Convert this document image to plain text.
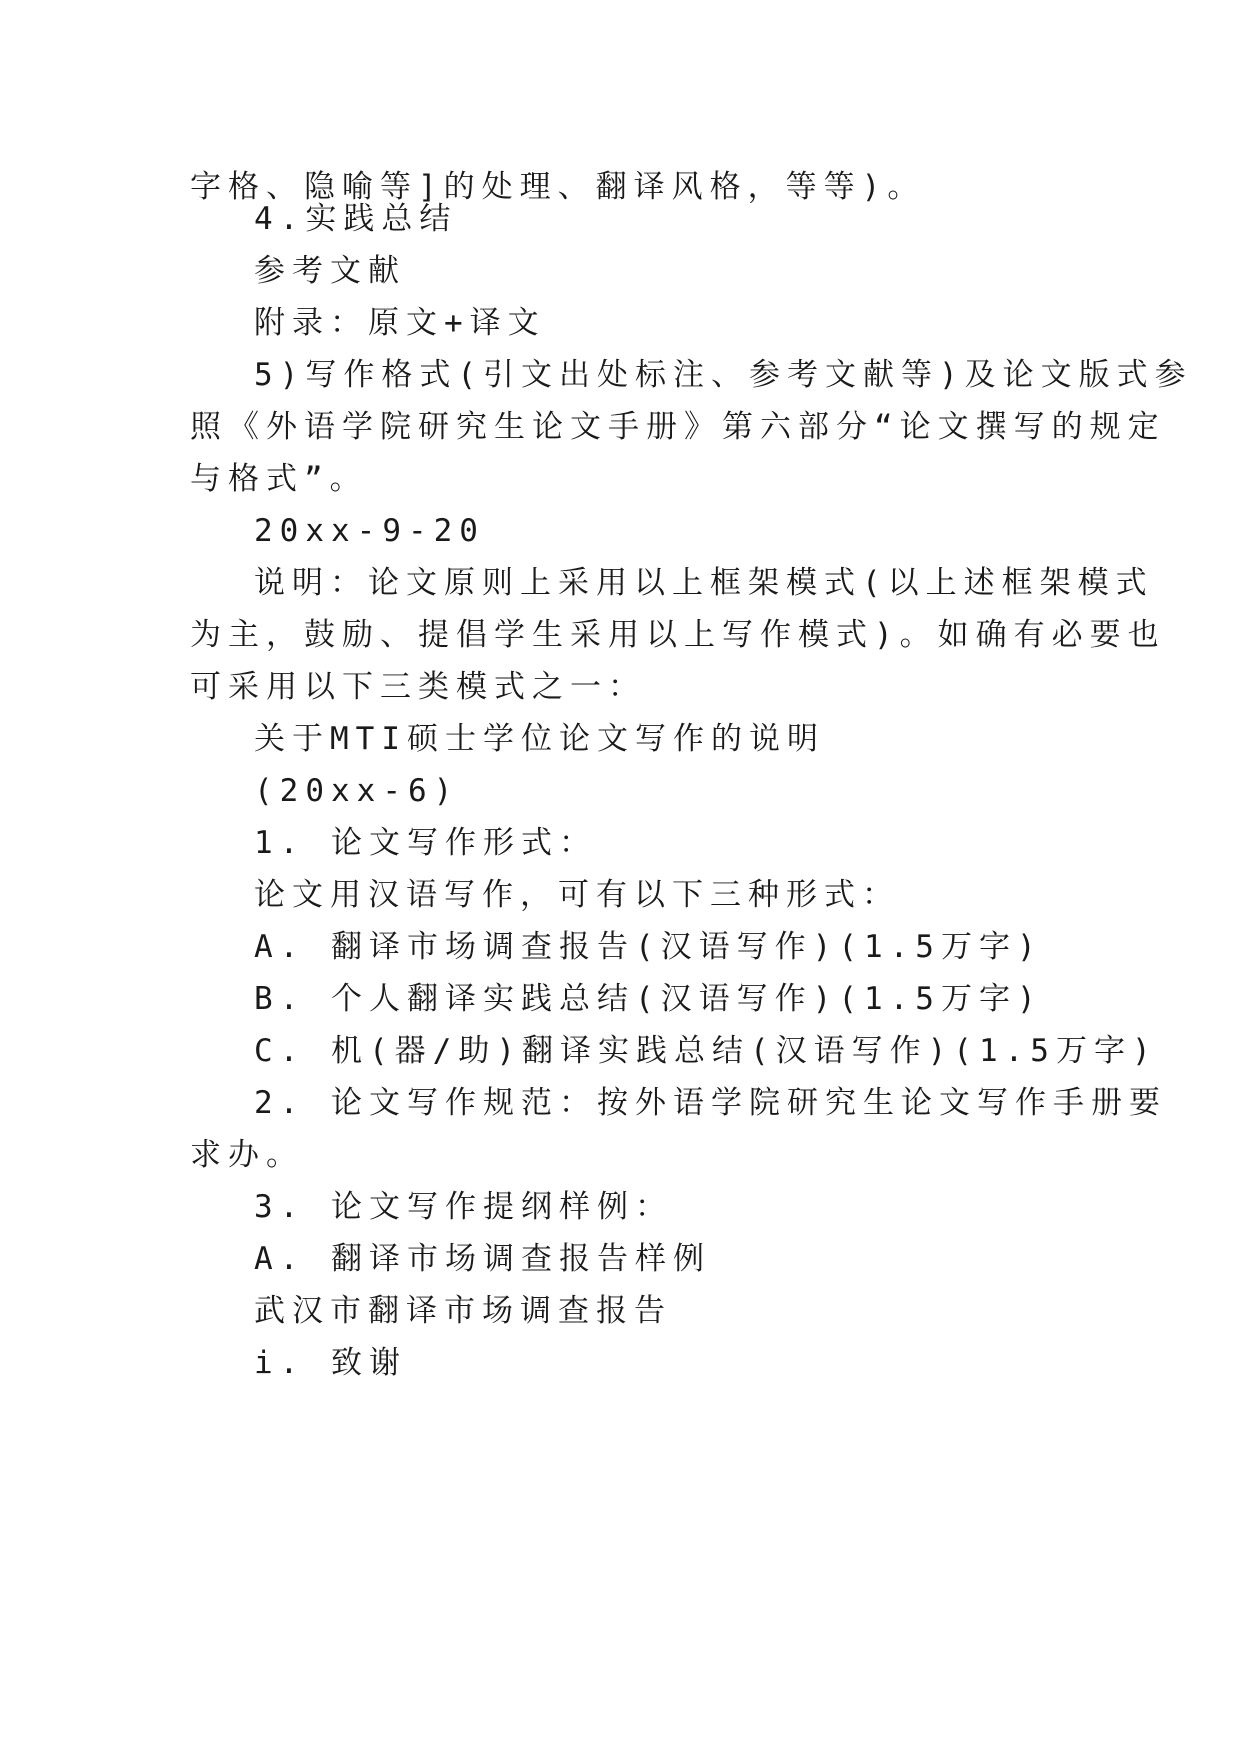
字格、隐喻等]的处理、翻译风格，等等)。
4.实践总结
参考文献
附录：原文+译文
5)写作格式(引文出处标注、参考文献等)及论文版式参
照《外语学院研究生论文手册》第六部分“论文撰写的规定
与格式”。
20xx-9-20
说明：论文原则上采用以上框架模式(以上述框架模式
为主，鼓励、提倡学生采用以上写作模式)。如确有必要也
可采用以下三类模式之一：
关于MTI硕士学位论文写作的说明
(20xx-6)
1. 论文写作形式：
论文用汉语写作，可有以下三种形式：
A. 翻译市场调查报告(汉语写作)(1.5万字)
B. 个人翻译实践总结(汉语写作)(1.5万字)
C. 机(器/助)翻译实践总结(汉语写作)(1.5万字)
2. 论文写作规范：按外语学院研究生论文写作手册要
求办。
3. 论文写作提纲样例：
A. 翻译市场调查报告样例
武汉市翻译市场调查报告
i. 致谢
